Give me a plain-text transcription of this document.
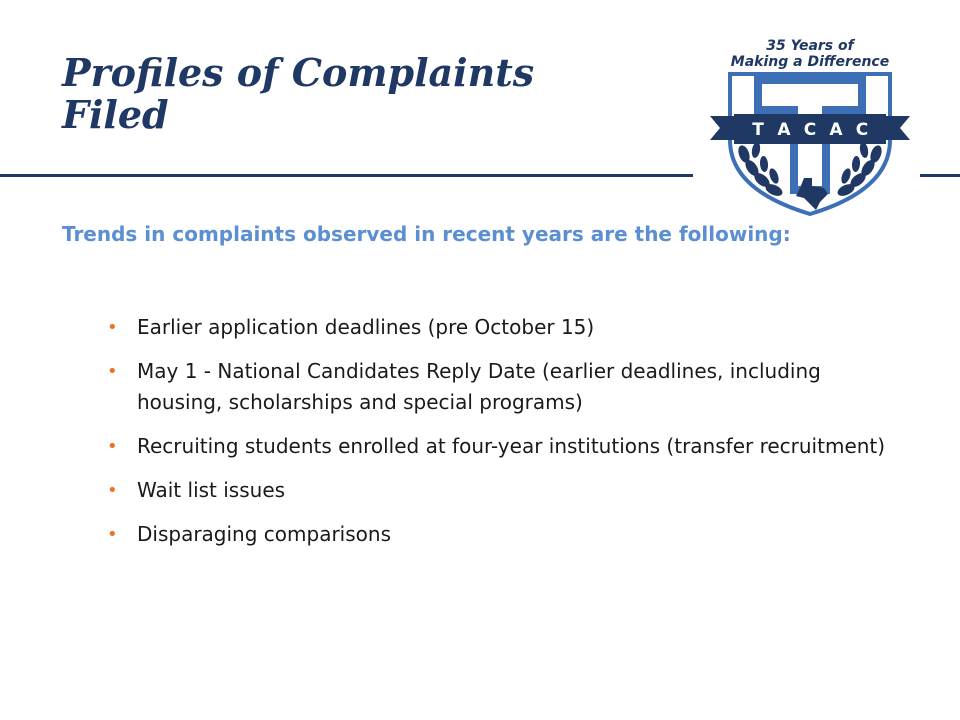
Profiles of Complaints Filed
35 Years of
Making a Difference
T A C A C

Trends in complaints observed in recent years are the following:

• Earlier application deadlines (pre October 15)
• May 1 - National Candidates Reply Date (earlier deadlines, including housing, scholarships and special programs)
• Recruiting students enrolled at four-year institutions (transfer recruitment)
• Wait list issues
• Disparaging comparisons
